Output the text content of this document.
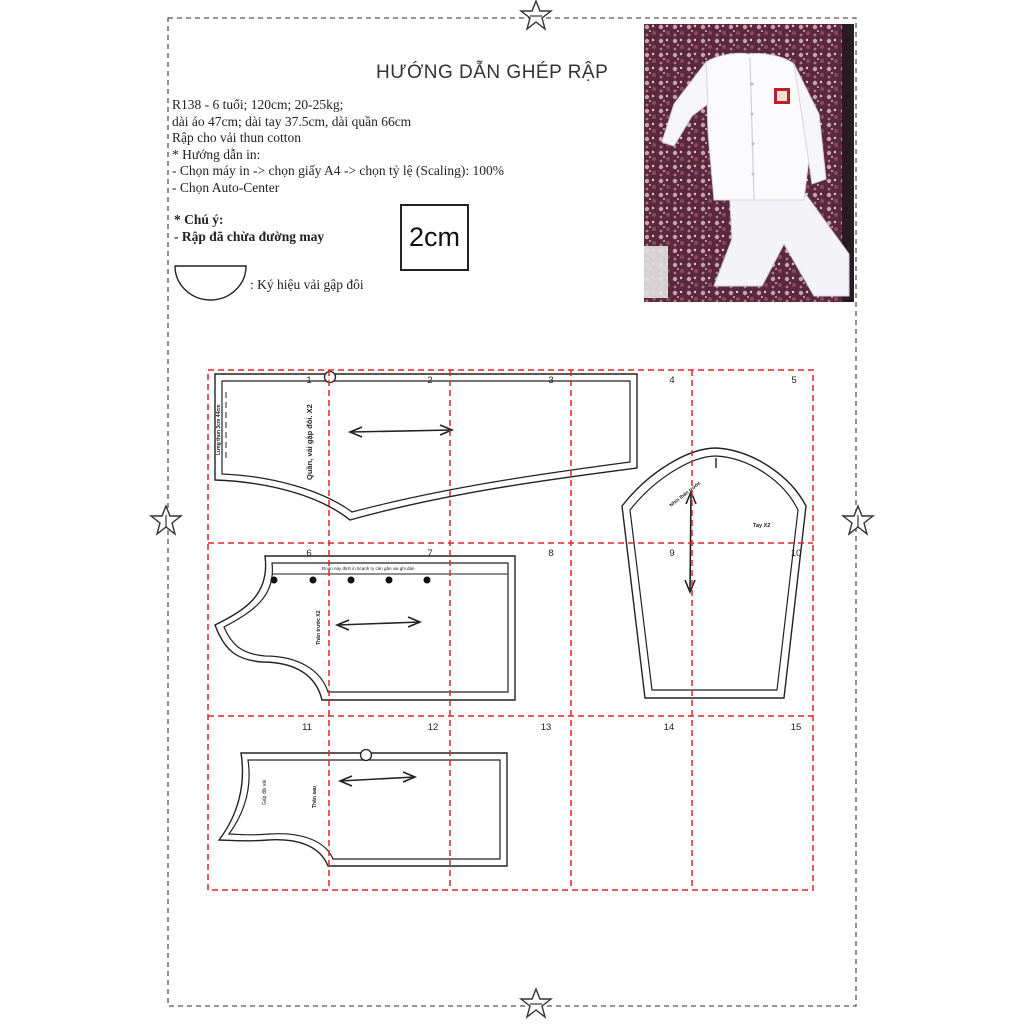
1	2	3	4	5
6	7	8	9	10
11	12	13	14	15
Quần, vải gập đôi. X2
Lưng thun 3cm 44cm
Tay X2
Nhìn thân trước
Thân trước X2
Đoạn này định in 5cạnh ry cản gân vai ghi dán
Thân sau
Gấp đôi vải
HƯỚNG DẪN GHÉP RẬP
R138 - 6 tuổi; 120cm; 20-25kg;
dài áo 47cm; dài tay 37.5cm, dài quần 66cm
Rập cho vải thun cotton
* Hướng dẫn in:
- Chọn máy in -> chọn giấy A4 -> chọn tỷ lệ (Scaling): 100%
- Chọn Auto-Center
* Chú ý:
- Rập đã chừa đường may	2cm
: Ký hiệu vải gập đôi
